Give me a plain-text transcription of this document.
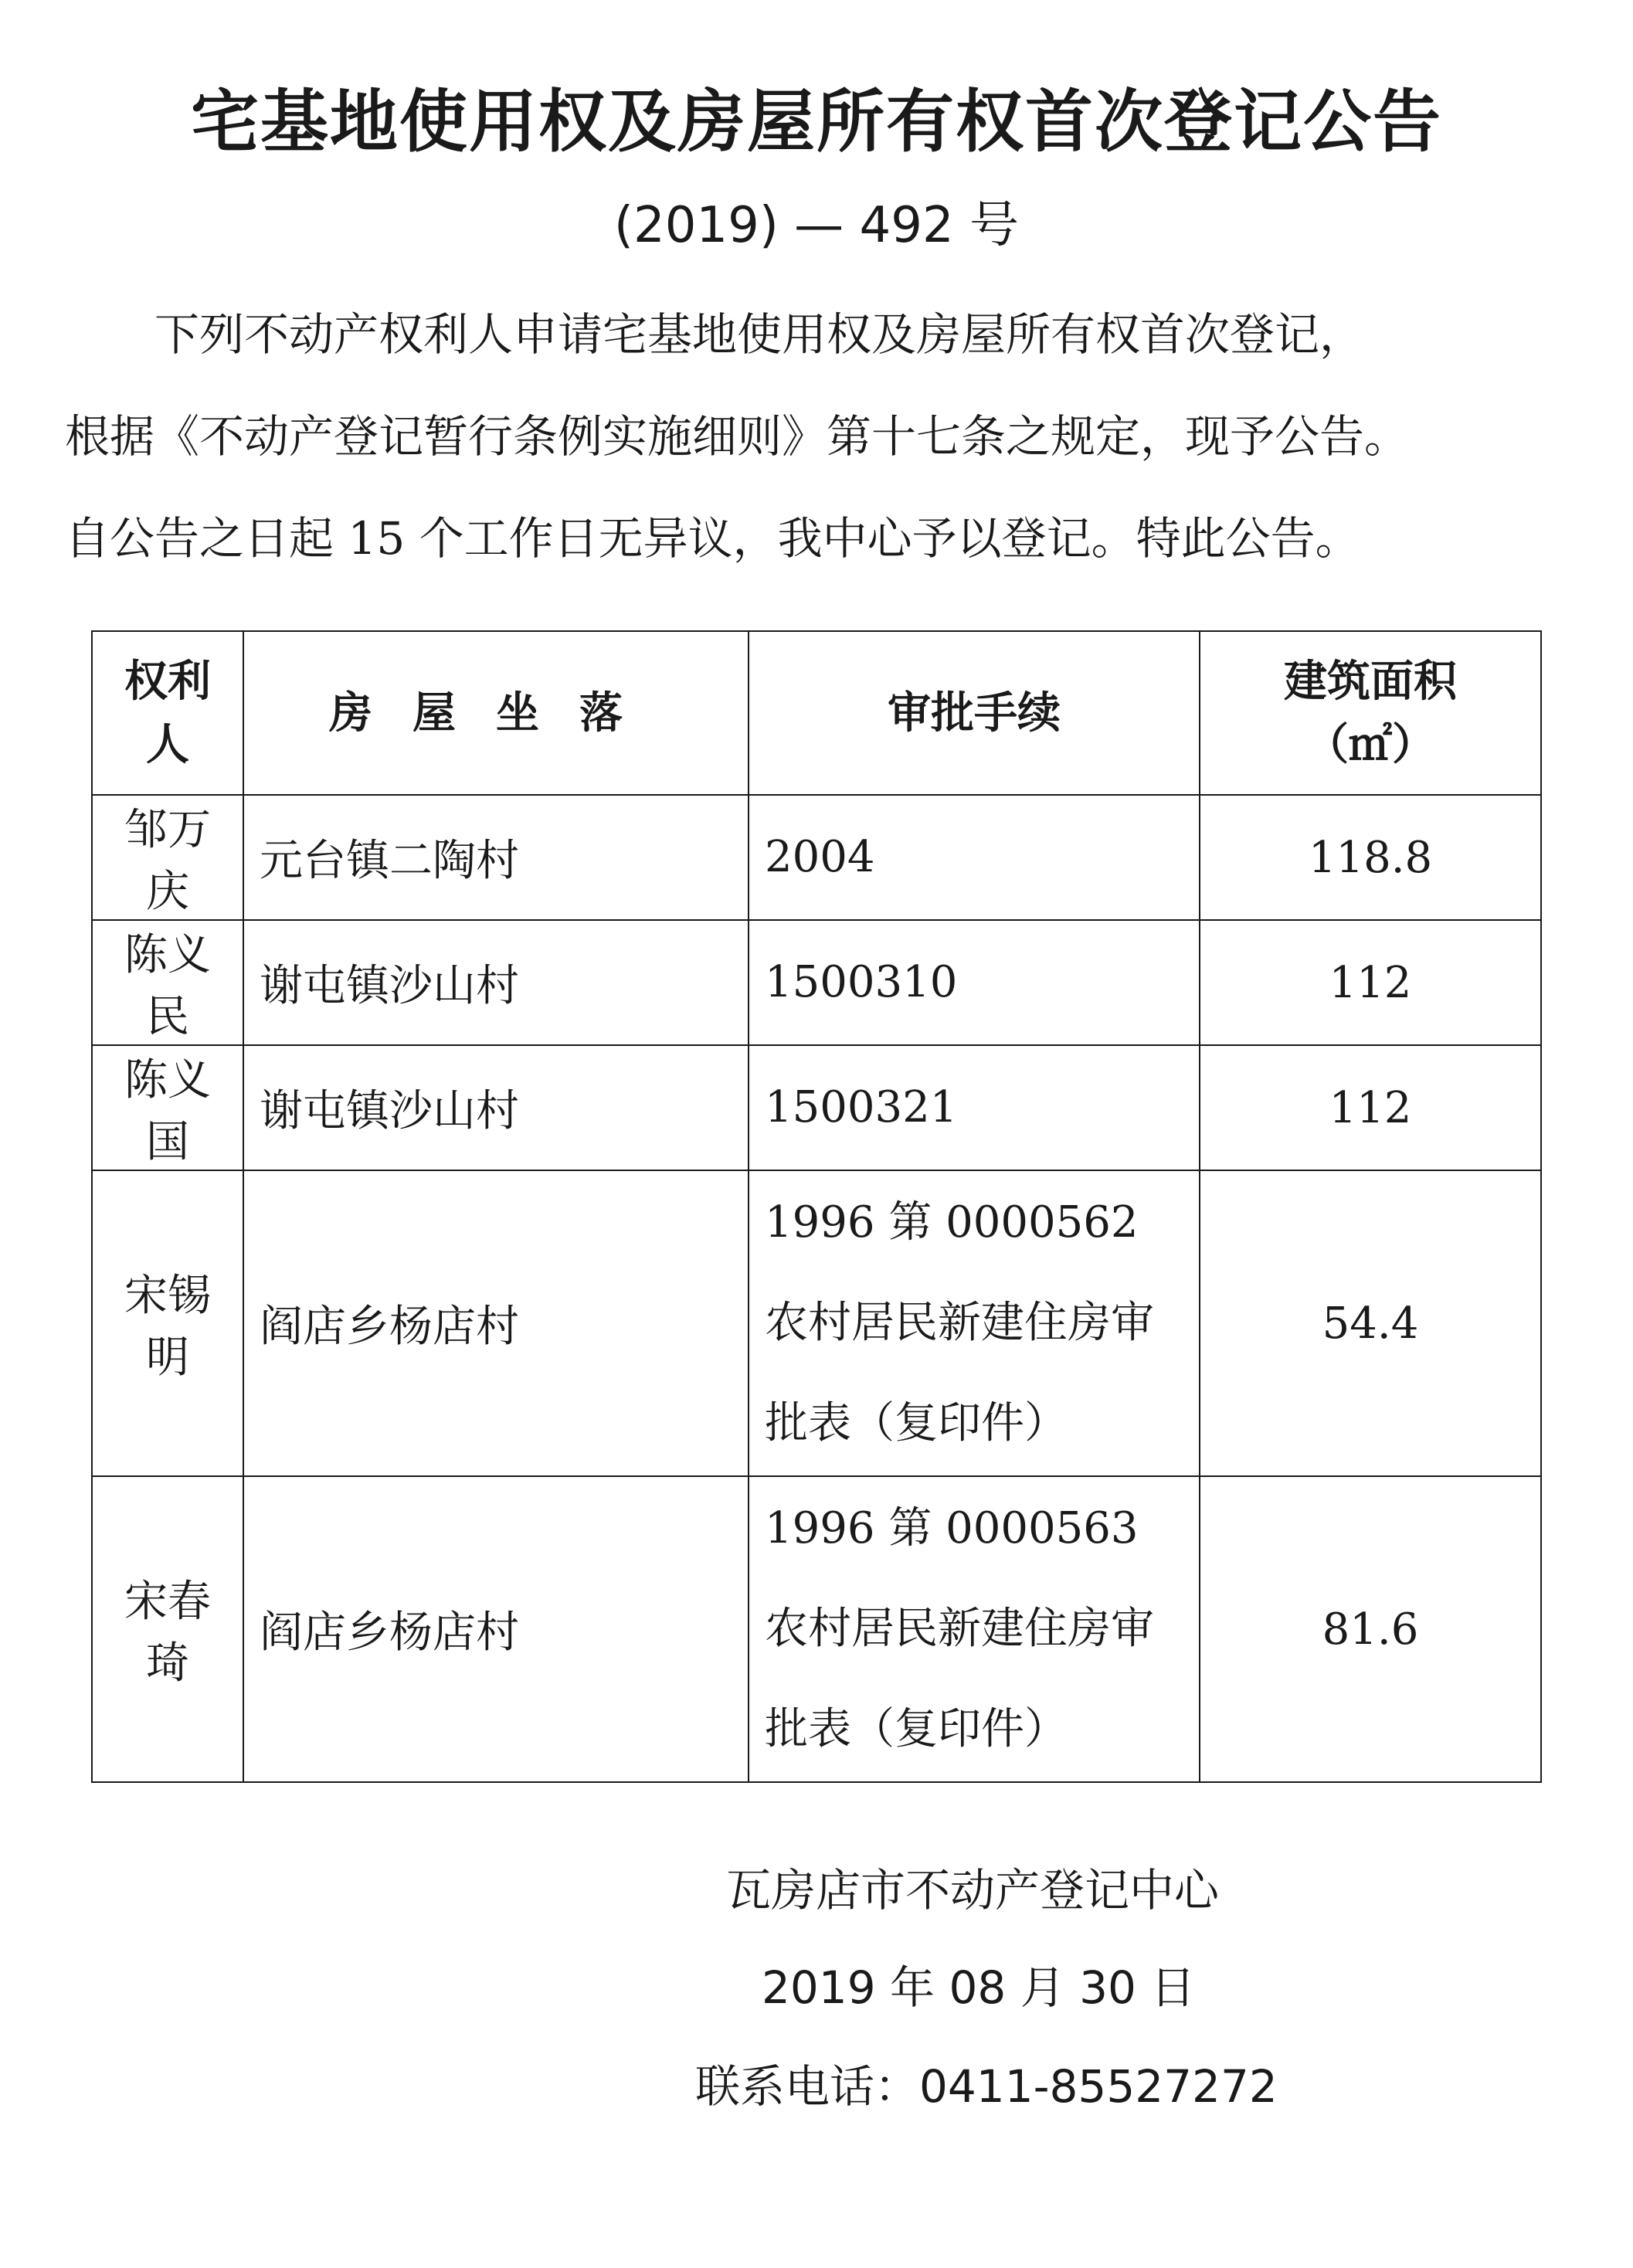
宅基地使用权及房屋所有权首次登记公告
(2019) — 492 号
下列不动产权利人申请宅基地使用权及房屋所有权首次登记，
根据《不动产登记暂行条例实施细则》第十七条之规定，现予公告。
自公告之日起 15 个工作日无异议，我中心予以登记。特此公告。
权利人	房屋坐落	审批手续	建筑面积
（㎡）

邹万庆	元台镇二陶村	2004	118.8
陈义民	谢屯镇沙山村	1500310	112
陈义国	谢屯镇沙山村	1500321	112
宋锡明	阎店乡杨店村	1996 第 0000562 农村居民新建住房审批表（复印件）	54.4
宋春琦	阎店乡杨店村	1996 第 0000563 农村居民新建住房审批表（复印件）	81.6
瓦房店市不动产登记中心
2019 年 08 月 30 日
联系电话：0411-85527272
